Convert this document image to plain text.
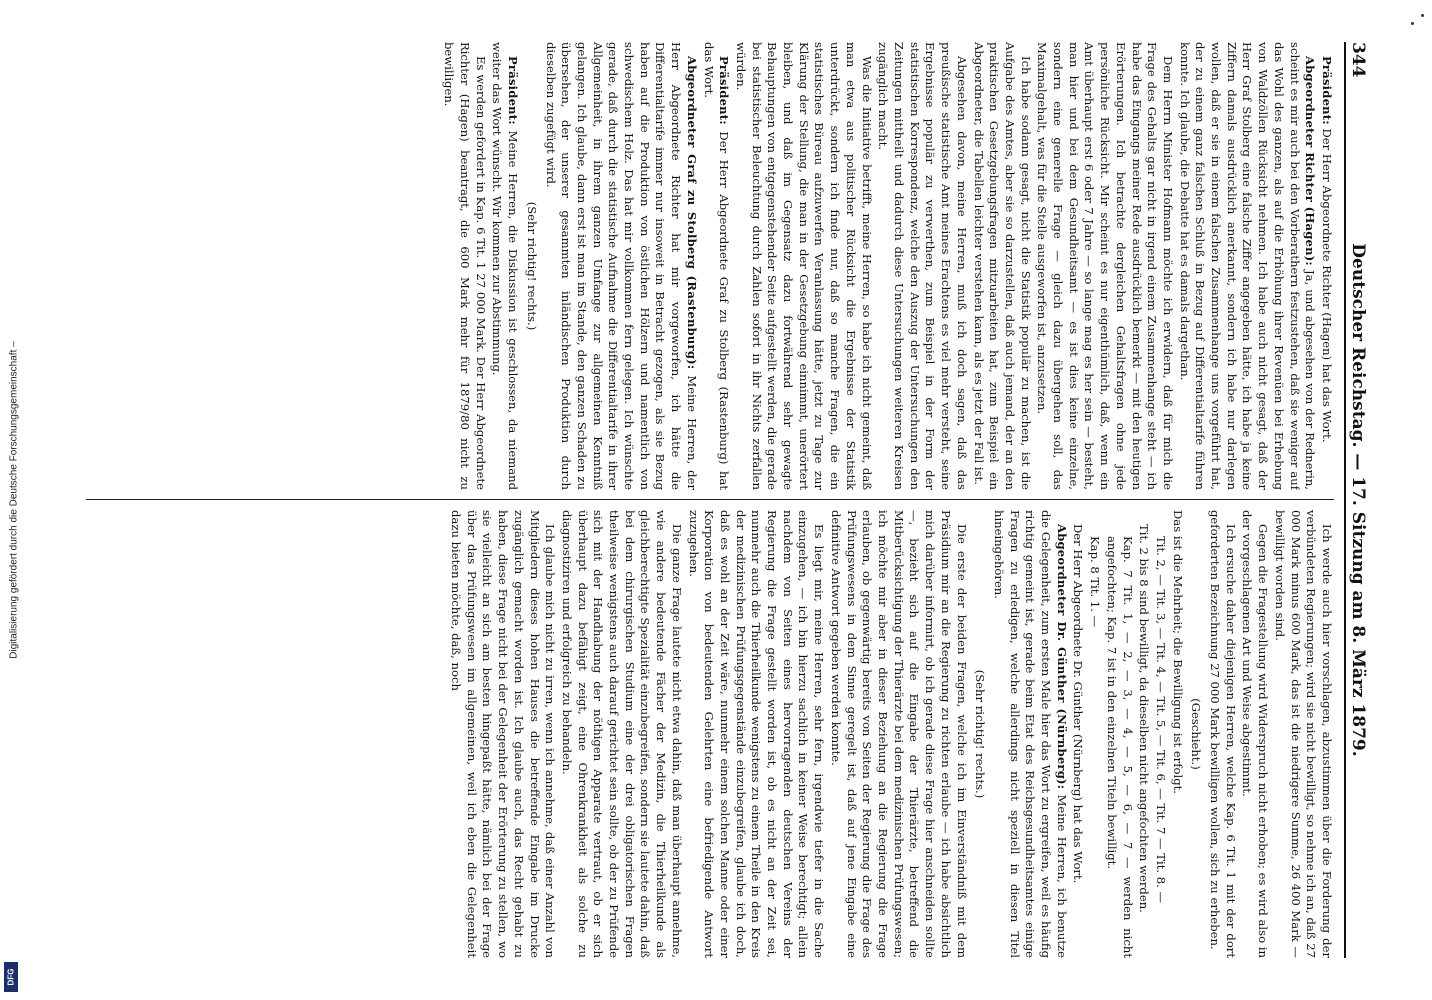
344
Deutscher Reichstag. — 17. Sitzung am 8. März 1879.

Präsident: Der Herr Abgeordnete Richter (Hagen) hat das Wort.

Abgeordneter Richter (Hagen): Ja, und abgesehen von der Rednerin, scheint es mir auch bei den Vorberathern festzustehen, daß sie weniger auf das Wohl des ganzen, als auf die Erhöhung ihrer Revenüen bei Erhebung von Waldzöllen Rücksicht nehmen. Ich habe auch nicht gesagt, daß der Herr Graf Stolberg eine falsche Ziffer angegeben hätte, ich habe ja keine Ziffern damals ausdrücklich anerkannt, sondern ich habe nur darlegen wollen, daß er sie in einem falschen Zusammenhange uns vorgeführt hat, der zu einem ganz falschen Schluß in Bezug auf Differentialtarife führen konnte. Ich glaube, die Debatte hat es damals dargethan.

Dem Herrn Minister Hofmann möchte ich erwidern, daß für mich die Frage des Gehalts gar nicht in irgend einem Zusammenhange steht — ich habe das Eingangs meiner Rede ausdrücklich bemerkt — mit den heutigen Erörterungen. Ich betrachte dergleichen Gehaltsfragen ohne jede persönliche Rücksicht. Mir scheint es nur eigenthümlich, daß, wenn ein Amt überhaupt erst 6 oder 7 Jahre — so lange mag es her sein — besteht, man hier und bei dem Gesundheitsamt — es ist dies keine einzelne, sondern eine generelle Frage — gleich dazu übergehen soll, das Maximalgehalt, was für die Stelle ausgeworfen ist, anzusetzen.

Ich habe sodann gesagt, nicht die Statistik populär zu machen, ist die Aufgabe des Amtes, aber sie so darzustellen, daß auch jemand, der an den praktischen Gesetzgebungsfragen mitzuarbeiten hat, zum Beispiel ein Abgeordneter, die Tabellen leichter verstehen kann, als es jetzt der Fall ist.

Abgesehen davon, meine Herren, muß ich doch sagen, daß das preußische statistische Amt meines Erachtens es viel mehr versteht, seine Ergebnisse populär zu verwerthen, zum Beispiel in der Form der statistischen Korrespondenz, welche den Auszug der Untersuchungen den Zeitungen mittheilt und dadurch diese Untersuchungen weiteren Kreisen zugänglich macht.

Was die Initiative betrifft, meine Herren, so habe ich nicht gemeint, daß man etwa aus politischer Rücksicht die Ergebnisse der Statistik unterdrückt, sondern ich finde nur, daß so manche Fragen, die ein statistisches Büreau aufzuwerfen Veranlassung hätte, jetzt zu Tage zur Klärung der Stellung, die man in der Gesetzgebung einnimmt, unerörtert bleiben, und daß im Gegensatz dazu fortwährend sehr gewagte Behauptungen von entgegenstehender Seite aufgestellt werden, die gerade bei statistischer Beleuchtung durch Zahlen sofort in ihr Nichts zerfallen würden.

Präsident: Der Herr Abgeordnete Graf zu Stolberg (Rastenburg) hat das Wort.

Abgeordneter Graf zu Stolberg (Rastenburg): Meine Herren, der Herr Abgeordnete Richter hat mir vorgeworfen, ich hätte die Differentialtarife immer nur insoweit in Betracht gezogen, als sie Bezug haben auf die Produktion von östlichen Hölzern und namentlich von schwedischem Holz. Das hat mir vollkommen fern gelegen. Ich wünschte gerade, daß durch die statistische Aufnahme die Differentialtarife in ihrer Allgemeinheit, in ihrem ganzen Umfange zur allgemeinen Kenntniß gelangen. Ich glaube, dann erst ist man im Stande, den ganzen Schaden zu übersehen, der unserer gesammten inländischen Produktion durch dieselben zugefügt wird.

(Sehr richtig! rechts.)

Präsident: Meine Herren, die Diskussion ist geschlossen, da niemand weiter das Wort wünscht. Wir kommen zur Abstimmung.

Es werden gefordert in Kap. 6 Tit. 1 27 000 Mark. Der Herr Abgeordnete Richter (Hagen) beantragt, die 600 Mark mehr für 1879/80 nicht zu bewilligen.

Ich werde auch hier vorschlagen, abzustimmen über die Forderung der verbündeten Regierungen; wird sie nicht bewilligt, so nehme ich an, daß 27 000 Mark minus 600 Mark, das ist die niedrigere Summe, 26 400 Mark — bewilligt worden sind.

Gegen die Fragestellung wird Widerspruch nicht erhoben; es wird also in der vorgeschlagenen Art und Weise abgestimmt.

Ich ersuche daher diejenigen Herren, welche Kap. 6 Tit. 1 mit der dort geforderten Bezeichnung 27 000 Mark bewilligen wollen, sich zu erheben.

(Geschieht.)

Das ist die Mehrheit; die Bewilligung ist erfolgt.

Tit. 2, — Tit. 3, — Tit. 4, — Tit. 5, — Tit. 6, — Tit. 7 — Tit. 8. —

Tit. 2 bis 8 sind bewilligt, da dieselben nicht angefochten werden.

Kap. 7 Tit. 1, — 2, — 3, — 4, — 5, — 6, — 7 — werden nicht angefochten; Kap. 7 ist in den einzelnen Titeln bewilligt.

Kap. 8 Tit. 1. —

Der Herr Abgeordnete Dr. Günther (Nürnberg) hat das Wort.

Abgeordneter Dr. Günther (Nürnberg): Meine Herren, ich benutze die Gelegenheit, zum ersten Male hier das Wort zu ergreifen, weil es häufig richtig gemeint ist, gerade beim Etat des Reichsgesundheitsamtes einige Fragen zu erledigen, welche allerdings nicht speziell in diesen Titel hineingehören.

(Sehr richtig! rechts.)

Die erste der beiden Fragen, welche ich im Einverständniß mit dem Präsidium mir an die Regierung zu richten erlaube — ich habe absichtlich mich darüber informirt, ob ich gerade diese Frage hier anschneiden sollte —, bezieht sich auf die Eingabe der Thierärzte, betreffend die Mitberücksichtigung der Thierärzte bei dem medizinischen Prüfungswesen; ich möchte mir aber in dieser Beziehung an die Regierung die Frage erlauben, ob gegenwärtig bereits von Seiten der Regierung die Frage des Prüfungswesens in dem Sinne geregelt ist, daß auf jene Eingabe eine definitive Antwort gegeben werden konnte.

Es liegt mir, meine Herren, sehr fern, irgendwie tiefer in die Sache einzugehen, — ich bin hierzu sachlich in keiner Weise berechtigt; allein nachdem von Seiten eines hervorragenden deutschen Vereins der Regierung die Frage gestellt worden ist, ob es nicht an der Zeit sei, nunmehr auch die Thierheilkunde wenigstens zu einem Theile in den Kreis der medizinischen Prüfungsgegenstände einzubegreifen, glaube ich doch, daß es wohl an der Zeit wäre, nunmehr einem solchen Manne oder einer Korporation von bedeutenden Gelehrten eine befriedigende Antwort zuzugehen.

Die ganze Frage lautete nicht etwa dahin, daß man überhaupt annehme, wie andere bedeutende Fächer der Medizin, die Thierheilkunde als gleichberechtigte Spezialität einzubegreifen, sondern sie lautete dahin, daß bei dem chirurgischen Studium eine der drei obligatorischen Fragen theilweise wenigstens auch darauf gerichtet sein sollte, ob der zu Prüfende sich mit der Handhabung der nöthigen Apparate vertraut, ob er sich überhaupt dazu befähigt zeigt, eine Ohrenkrankheit als solche zu diagnostiziren und erfolgreich zu behandeln.

Ich glaube mich nicht zu irren, wenn ich annehme, daß einer Anzahl von Mitgliedern dieses hohen Hauses die betreffende Eingabe im Drucke zugänglich gemacht worden ist. Ich glaube auch, das Recht gehabt zu haben, diese Frage nicht bei der Gelegenheit der Erörterung zu stellen, wo sie vielleicht an sich am besten hingepaßt hätte, nämlich bei der Frage über das Prüfungswesen im allgemeinen, weil ich eben die Gelegenheit dazu bieten möchte, daß, noch

Digitalisierung gefördert durch die Deutsche Forschungsgemeinschaft –
DFG
